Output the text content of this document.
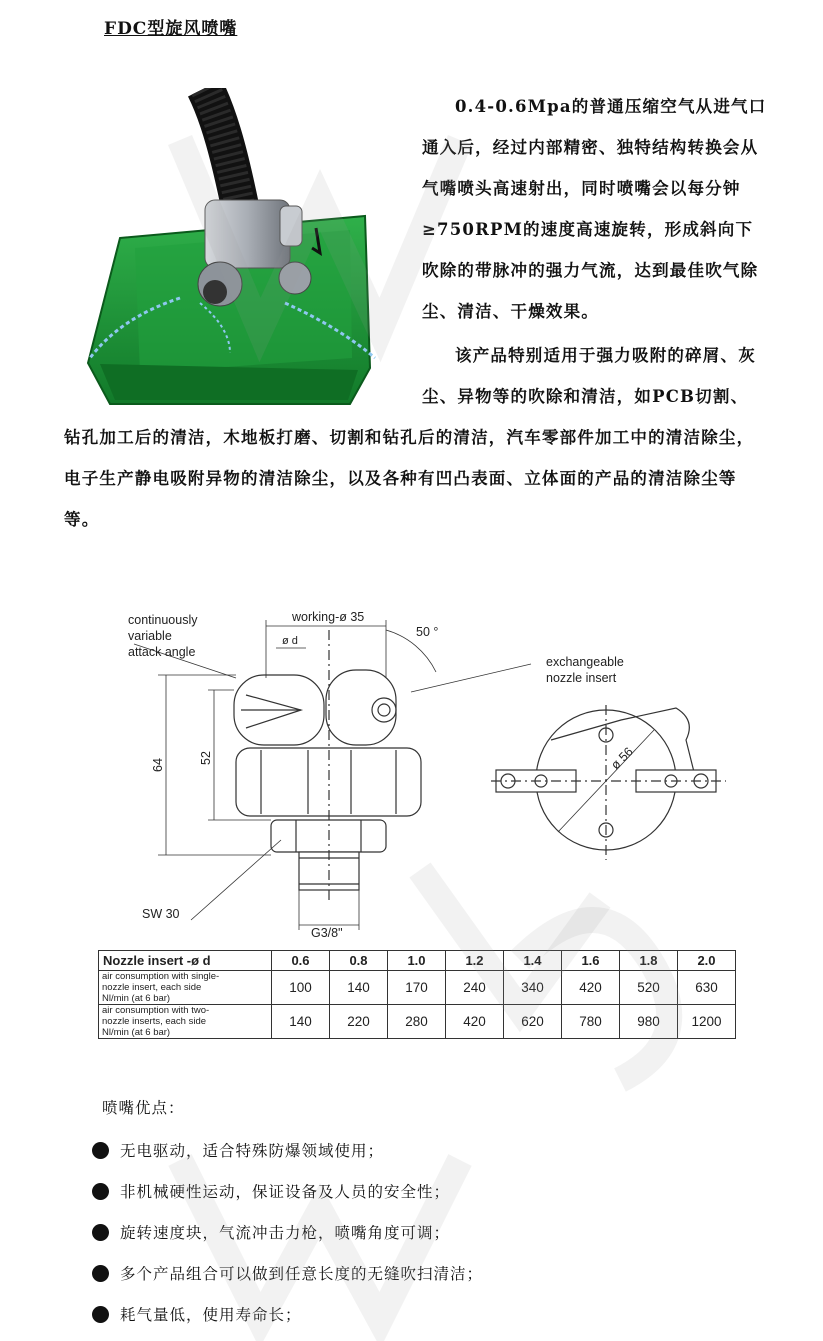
FDC型旋风喷嘴
0.4-0.6Mpa的普通压缩空气从进气口通入后，经过内部精密、独特结构转换会从气嘴喷头高速射出，同时喷嘴会以每分钟≥750RPM的速度高速旋转，形成斜向下吹除的带脉冲的强力气流，达到最佳吹气除尘、清洁、干燥效果。
该产品特别适用于强力吸附的碎屑、灰尘、异物等的吹除和清洁，如PCB切割、
钻孔加工后的清洁，木地板打磨、切割和钻孔后的清洁，汽车零部件加工中的清洁除尘，电子生产静电吸附异物的清洁除尘，以及各种有凹凸表面、立体面的产品的清洁除尘等等。
continuously
variable
attack angle
working-ø 35
ø d
50 °
exchangeable
nozzle insert
64
52
SW 30
G3/8"
ø 56
Nozzle insert -ø d	0.6	0.8	1.0	1.2	1.4	1.6	1.8	2.0

air consumption with single-
nozzle insert, each side
Nl/min (at 6 bar)	100	140	170	240	340	420	520	630

air consumption with two-
nozzle inserts, each side
Nl/min (at 6 bar)	140	220	280	420	620	780	980	1200
喷嘴优点：
无电驱动，适合特殊防爆领域使用；
非机械硬性运动，保证设备及人员的安全性；
旋转速度块，气流冲击力枪，喷嘴角度可调；
多个产品组合可以做到任意长度的无缝吹扫清洁；
耗气量低，使用寿命长；
